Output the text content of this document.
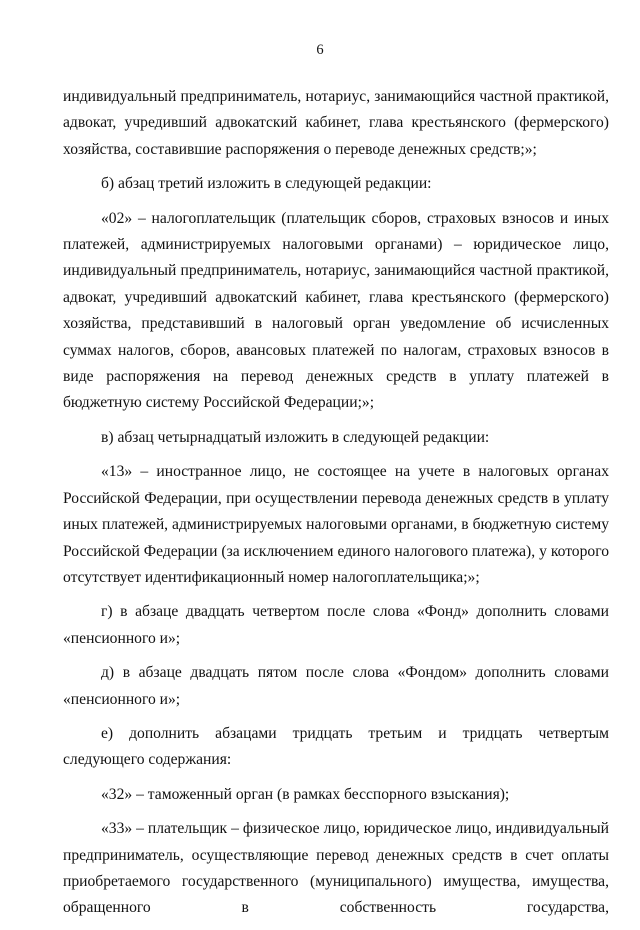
6

индивидуальный предприниматель, нотариус, занимающийся частной практикой, адвокат, учредивший адвокатский кабинет, глава крестьянского (фермерского) хозяйства, составившие распоряжения о переводе денежных средств;»;

б) абзац третий изложить в следующей редакции:

«02» – налогоплательщик (плательщик сборов, страховых взносов и иных платежей, администрируемых налоговыми органами) – юридическое лицо, индивидуальный предприниматель, нотариус, занимающийся частной практикой, адвокат, учредивший адвокатский кабинет, глава крестьянского (фермерского) хозяйства, представивший в налоговый орган уведомление об исчисленных суммах налогов, сборов, авансовых платежей по налогам, страховых взносов в виде распоряжения на перевод денежных средств в уплату платежей в бюджетную систему Российской Федерации;»;

в) абзац четырнадцатый изложить в следующей редакции:

«13» – иностранное лицо, не состоящее на учете в налоговых органах Российской Федерации, при осуществлении перевода денежных средств в уплату иных платежей, администрируемых налоговыми органами, в бюджетную систему Российской Федерации (за исключением единого налогового платежа), у которого отсутствует идентификационный номер налогоплательщика;»;

г) в абзаце двадцать четвертом после слова «Фонд» дополнить словами «пенсионного и»;

д) в абзаце двадцать пятом после слова «Фондом» дополнить словами «пенсионного и»;

е) дополнить абзацами тридцать третьим и тридцать четвертым следующего содержания:

«32» – таможенный орган (в рамках бесспорного взыскания);

«33» – плательщик – физическое лицо, юридическое лицо, индивидуальный предприниматель, осуществляющие перевод денежных средств в счет оплаты приобретаемого государственного (муниципального) имущества, имущества, обращенного в собственность государства,
